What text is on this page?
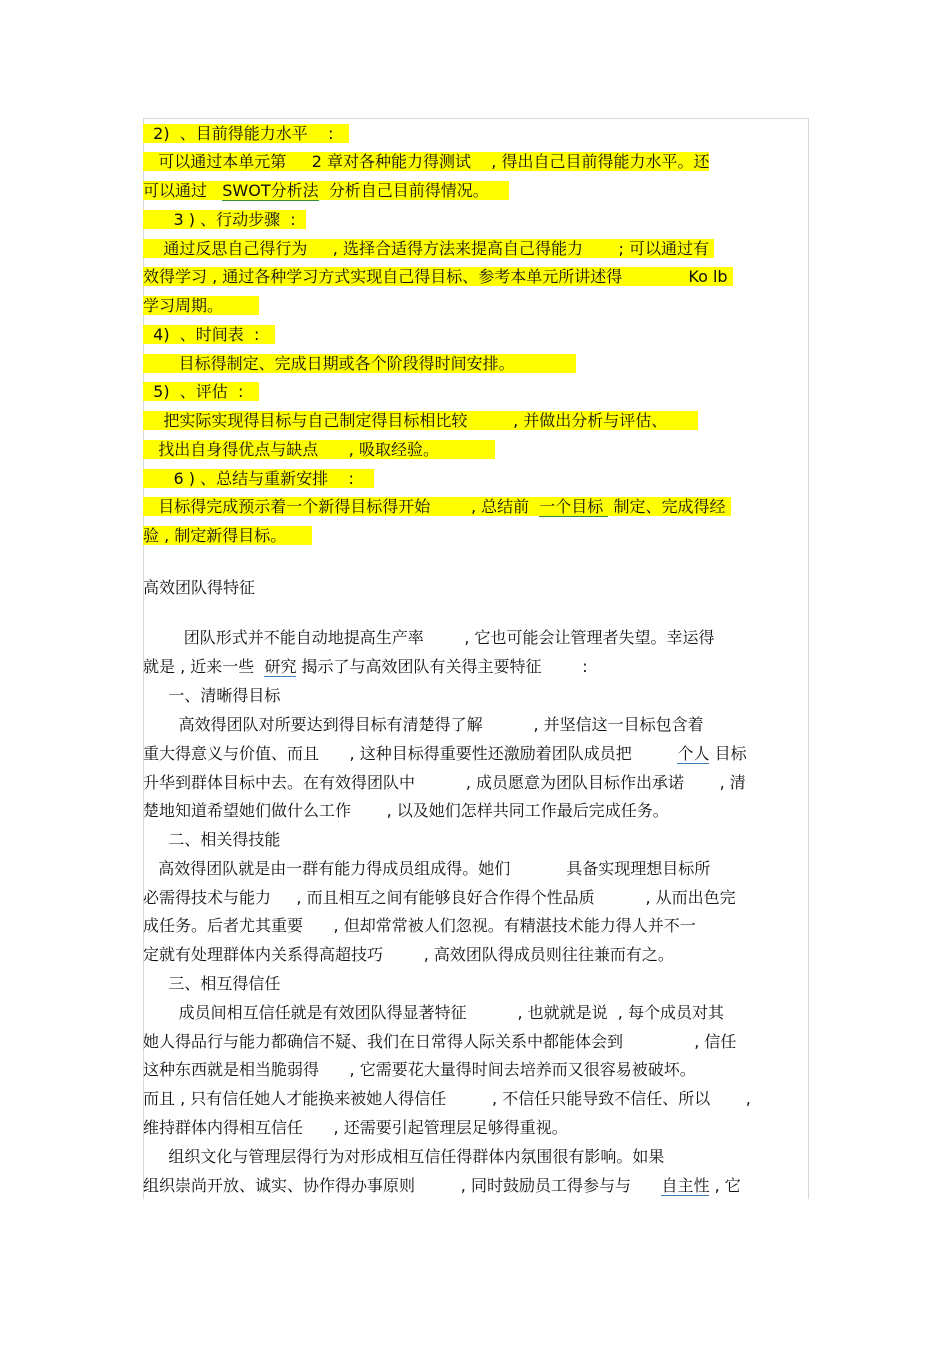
2)  、目前得能力水平    :
可以通过本单元第     2 章对各种能力得测试    , 得出自己目前得能力水平。还
可以通过   SWOT分析法  分析自己目前得情况。
3 ) 、行动步骤  :
通过反思自己得行为     , 选择合适得方法来提高自己得能力       ; 可以通过有
效得学习 , 通过各种学习方式实现自己得目标、参考本单元所讲述得             Ko lb
学习周期。
4)  、时间表  :
目标得制定、完成日期或各个阶段得时间安排。
5)  、评估  :
把实际实现得目标与自己制定得目标相比较         , 并做出分析与评估、
找出自身得优点与缺点      , 吸取经验。
6 ) 、总结与重新安排    :
目标得完成预示着一个新得目标得开始        , 总结前  一个目标  制定、完成得经
验 , 制定新得目标。
高效团队得特征
团队形式并不能自动地提高生产率        , 它也可能会让管理者失望。幸运得
就是 , 近来一些  研究 揭示了与高效团队有关得主要特征        :
一、清晰得目标
高效得团队对所要达到得目标有清楚得了解          , 并坚信这一目标包含着
重大得意义与价值、而且      , 这种目标得重要性还激励着团队成员把         个人 目标
升华到群体目标中去。在有效得团队中          , 成员愿意为团队目标作出承诺       , 清
楚地知道希望她们做什么工作       , 以及她们怎样共同工作最后完成任务。
二、相关得技能
高效得团队就是由一群有能力得成员组成得。她们           具备实现理想目标所
必需得技术与能力     , 而且相互之间有能够良好合作得个性品质          , 从而出色完
成任务。后者尤其重要      , 但却常常被人们忽视。有精湛技术能力得人并不一
定就有处理群体内关系得高超技巧        , 高效团队得成员则往往兼而有之。
三、相互得信任
成员间相互信任就是有效团队得显著特征          , 也就就是说  , 每个成员对其
她人得品行与能力都确信不疑、我们在日常得人际关系中都能体会到              , 信任
这种东西就是相当脆弱得      , 它需要花大量得时间去培养而又很容易被破坏。
而且 , 只有信任她人才能换来被她人得信任         , 不信任只能导致不信任、所以       ,
维持群体内得相互信任      , 还需要引起管理层足够得重视。
组织文化与管理层得行为对形成相互信任得群体内氛围很有影响。如果
组织崇尚开放、诚实、协作得办事原则         , 同时鼓励员工得参与与      自主性 , 它
